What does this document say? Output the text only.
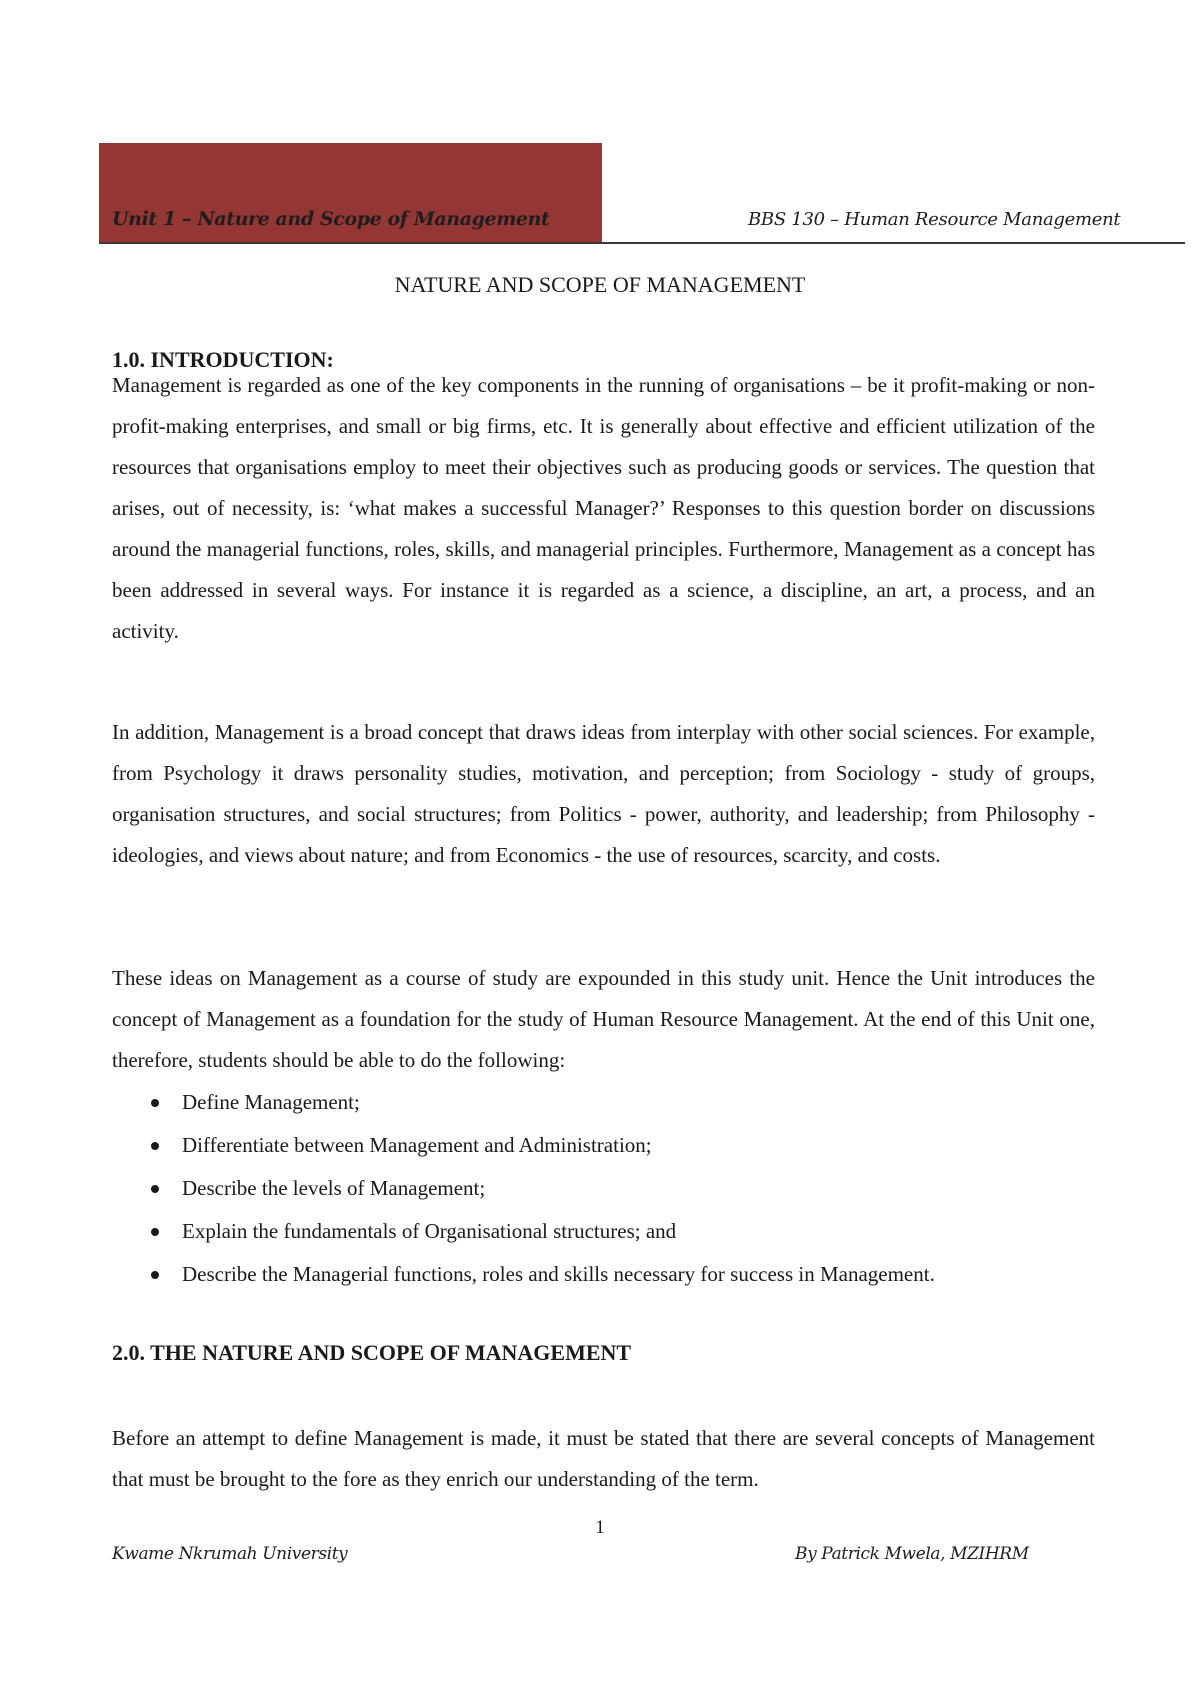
Unit 1 – Nature and Scope of Management	BBS 130 – Human Resource Management
NATURE AND SCOPE OF MANAGEMENT
1.0. INTRODUCTION:

Management is regarded as one of the key components in the running of organisations – be it profit-making or non-profit-making enterprises, and small or big firms, etc. It is generally about effective and efficient utilization of the resources that organisations employ to meet their objectives such as producing goods or services. The question that arises, out of necessity, is: ‘what makes a successful Manager?’ Responses to this question border on discussions around the managerial functions, roles, skills, and managerial principles. Furthermore, Management as a concept has been addressed in several ways. For instance it is regarded as a science, a discipline, an art, a process, and an activity.

In addition, Management is a broad concept that draws ideas from interplay with other social sciences. For example, from Psychology it draws personality studies, motivation, and perception; from Sociology - study of groups, organisation structures, and social structures; from Politics - power, authority, and leadership; from Philosophy - ideologies, and views about nature; and from Economics - the use of resources, scarcity, and costs.

These ideas on Management as a course of study are expounded in this study unit. Hence the Unit introduces the concept of Management as a foundation for the study of Human Resource Management. At the end of this Unit one, therefore, students should be able to do the following:

Define Management;
Differentiate between Management and Administration;
Describe the levels of Management;
Explain the fundamentals of Organisational structures; and
Describe the Managerial functions, roles and skills necessary for success in Management.
2.0. THE NATURE AND SCOPE OF MANAGEMENT

Before an attempt to define Management is made, it must be stated that there are several concepts of Management that must be brought to the fore as they enrich our understanding of the term.

1
Kwame Nkrumah University	By Patrick Mwela, MZIHRM
